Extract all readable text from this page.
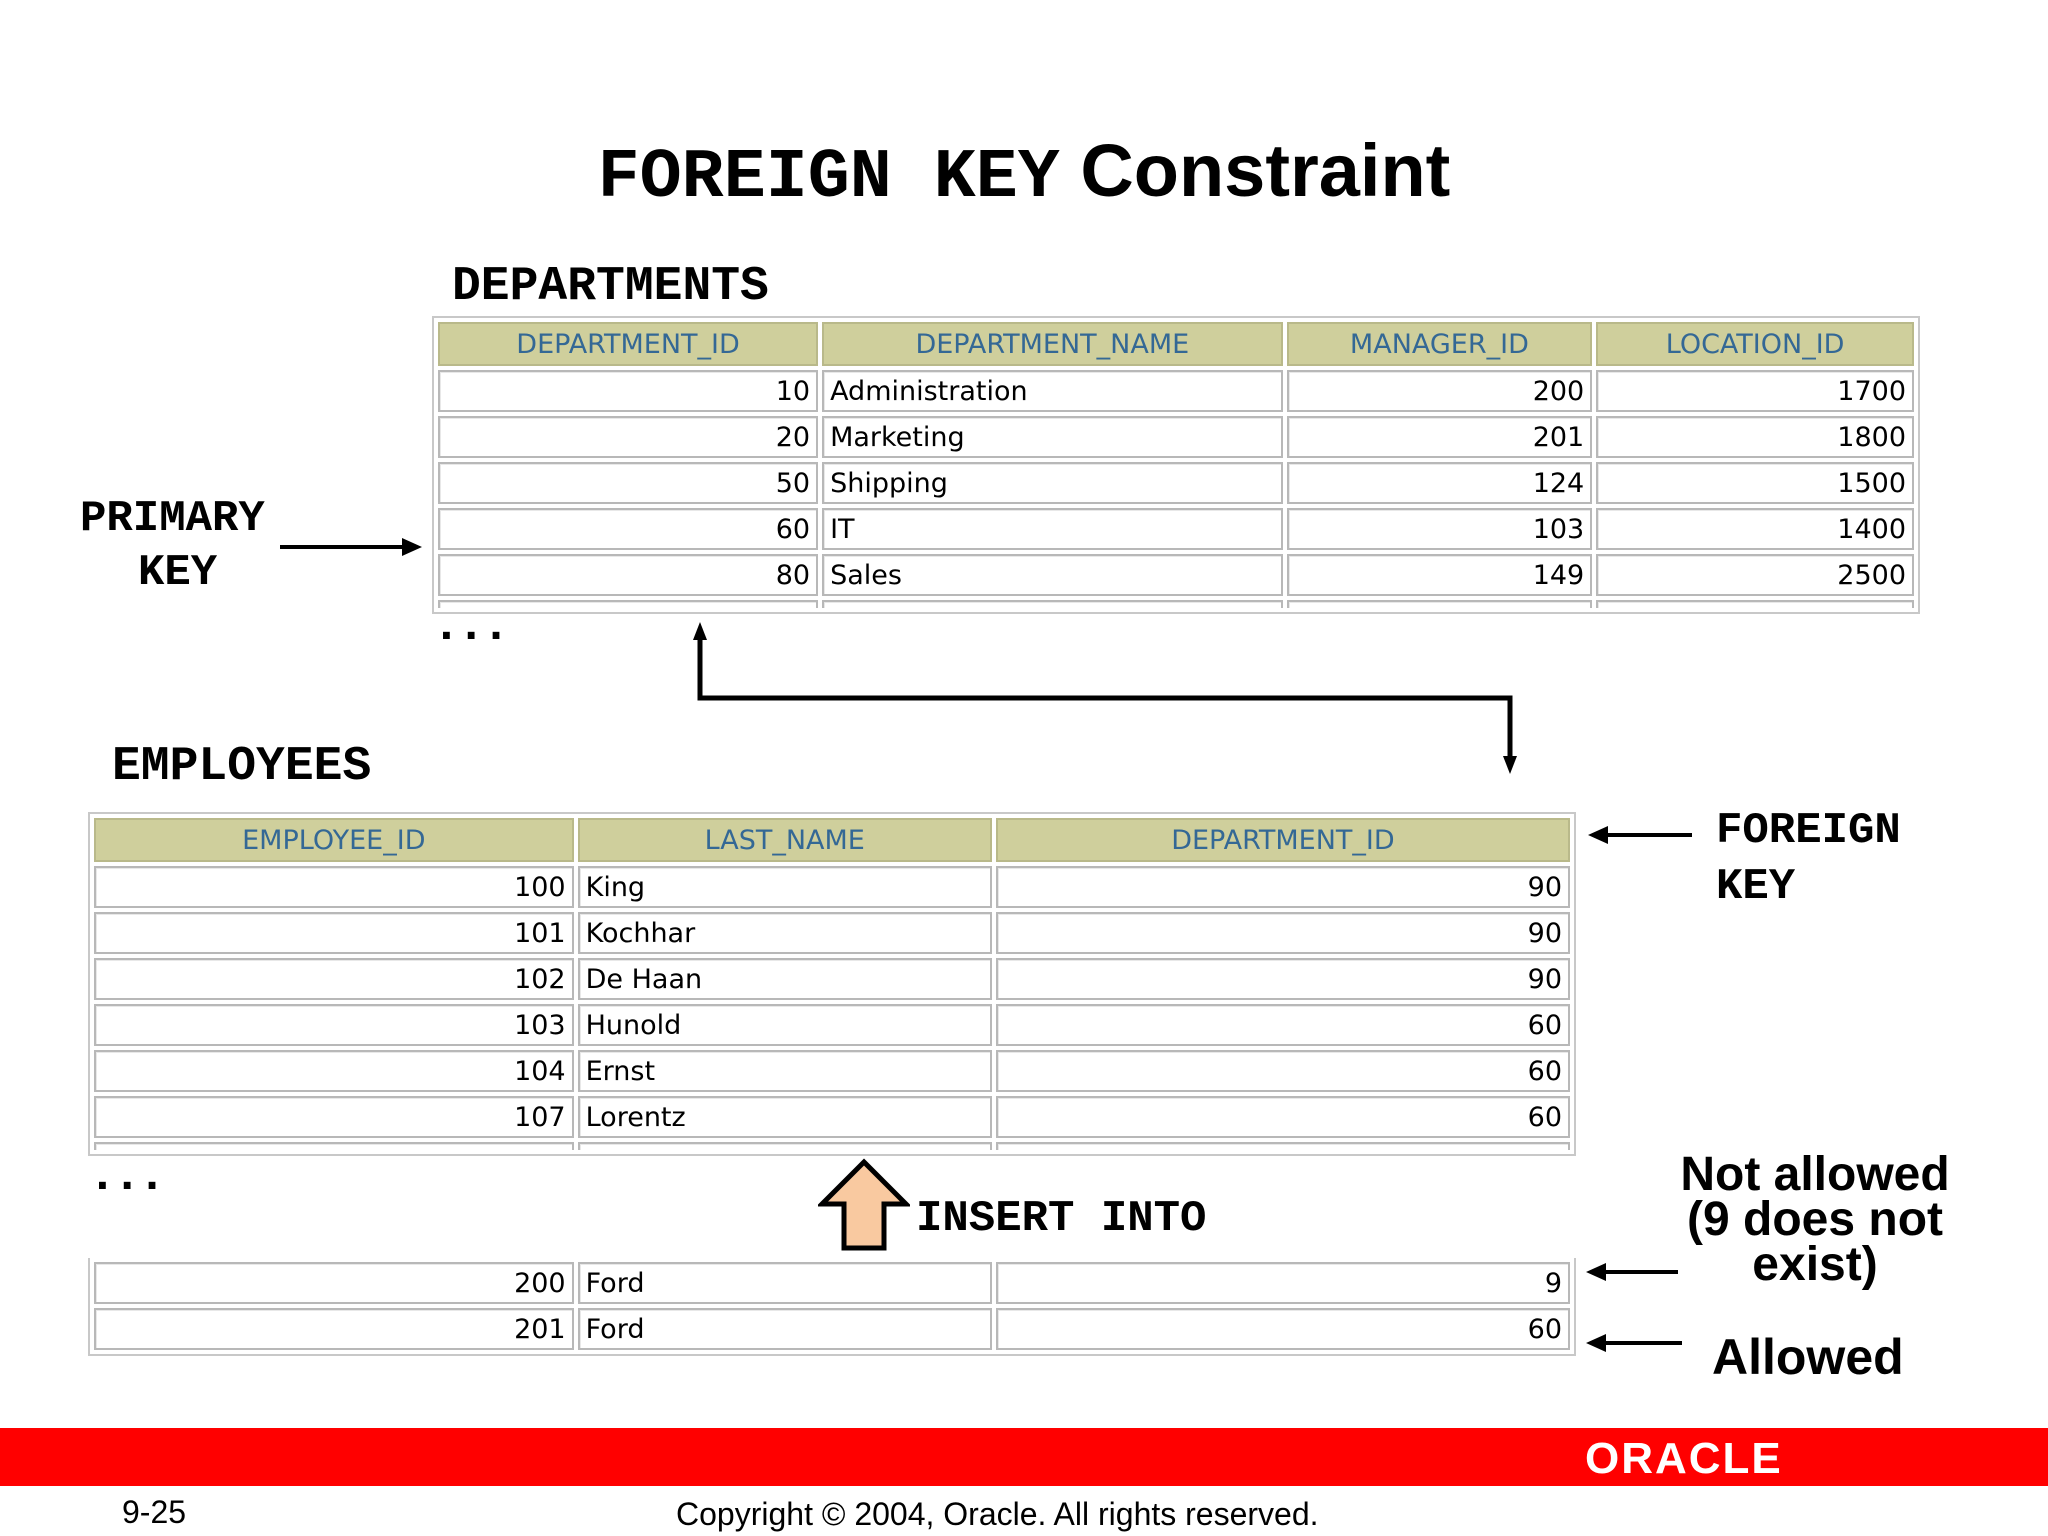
FOREIGN KEY Constraint
DEPARTMENTS
DEPARTMENT_ID	DEPARTMENT_NAME	MANAGER_ID	LOCATION_ID
10	Administration	200	1700
20	Marketing	201	1800
50	Shipping	124	1500
60	IT	103	1400
80	Sales	149	2500

...
PRIMARY
KEY
EMPLOYEES
EMPLOYEE_ID	LAST_NAME	DEPARTMENT_ID
100	King	90
101	Kochhar	90
102	De Haan	90
103	Hunold	60
104	Ernst	60
107	Lorentz	60

FOREIGN
KEY
...
INSERT INTO
200	Ford	9
201	Ford	60
Not allowed
(9 does not
exist)
Allowed
ORACLE
9-25	Copyright © 2004, Oracle. All rights reserved.
